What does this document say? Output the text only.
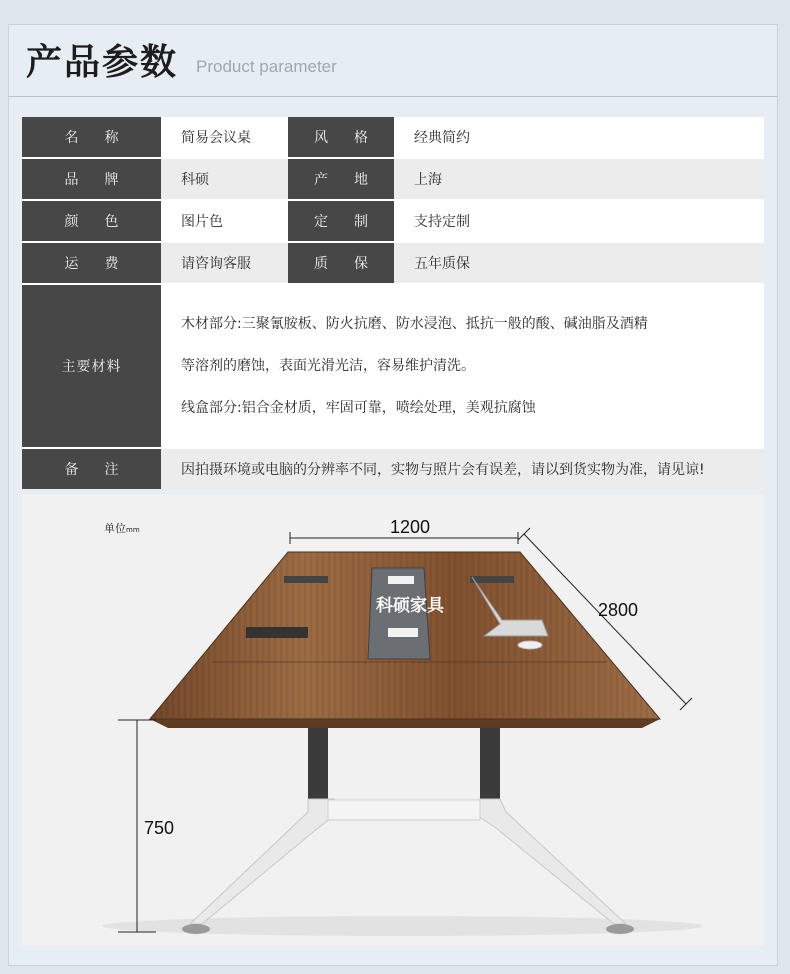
产品参数 Product parameter
名称	简易会议桌	风格	经典简约
品牌	科硕	产地	上海
颜色	图片色	定制	支持定制
运费	请咨询客服	质保	五年质保
主要材料	木材部分:三聚氰胺板、防火抗磨、防水浸泡、抵抗一般的酸、碱油脂及酒精
等溶剂的磨蚀，表面光滑光洁，容易维护清洗。
线盒部分:铝合金材质，牢固可靠，喷绘处理，美观抗腐蚀		

备注	因拍摄环境或电脑的分辨率不同，实物与照片会有误差，请以到货实物为准，请见谅!		
科硕家具
单位mm	1200
2800
750
